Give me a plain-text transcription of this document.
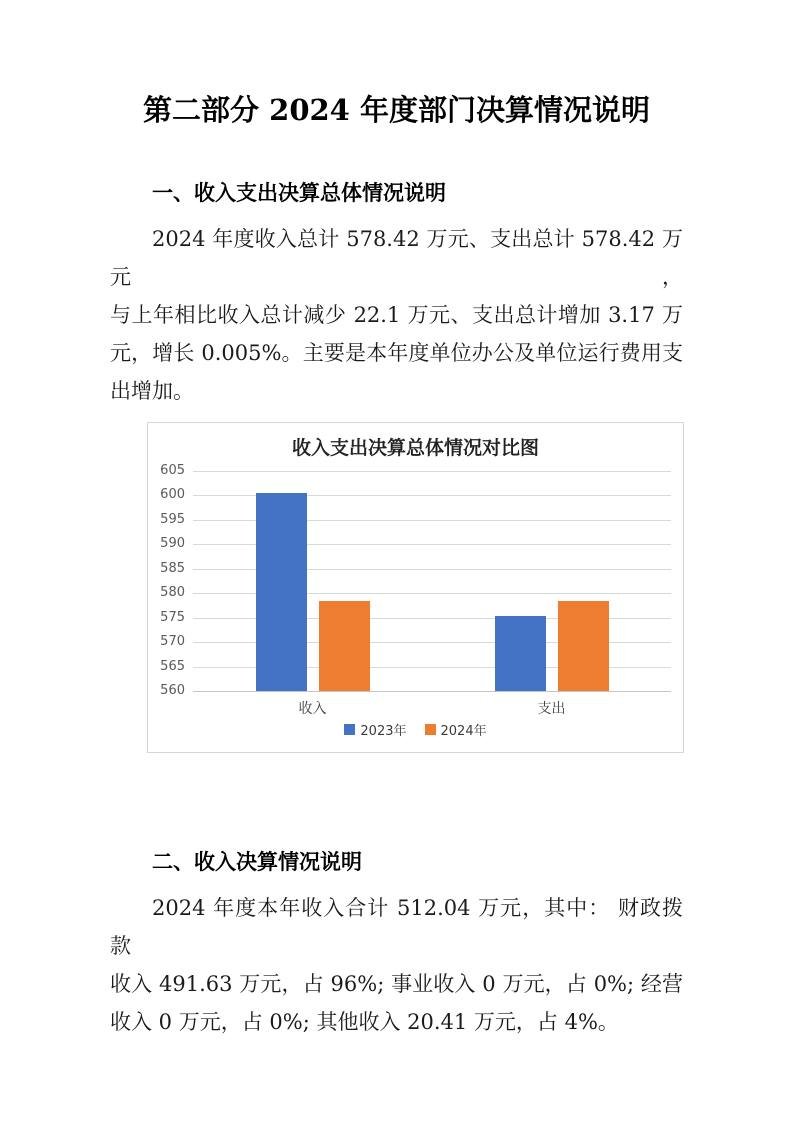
第二部分 2024 年度部门决算情况说明
一、收入支出决算总体情况说明
2024 年度收入总计 578.42 万元、支出总计 578.42 万元，
与上年相比收入总计减少 22.1 万元、支出总计增加 3.17 万
元，增长 0.005%。主要是本年度单位办公及单位运行费用支
出增加。
收入支出决算总体情况对比图
605
600
595
590
585
580
575
570
565
560
收入	支出
2023年	2024年
二、收入决算情况说明
2024 年度本年收入合计 512.04 万元，其中： 财政拨款
收入 491.63 万元，占 96%; 事业收入 0 万元，占 0%; 经营
收入 0 万元，占 0%; 其他收入 20.41 万元，占 4%。
